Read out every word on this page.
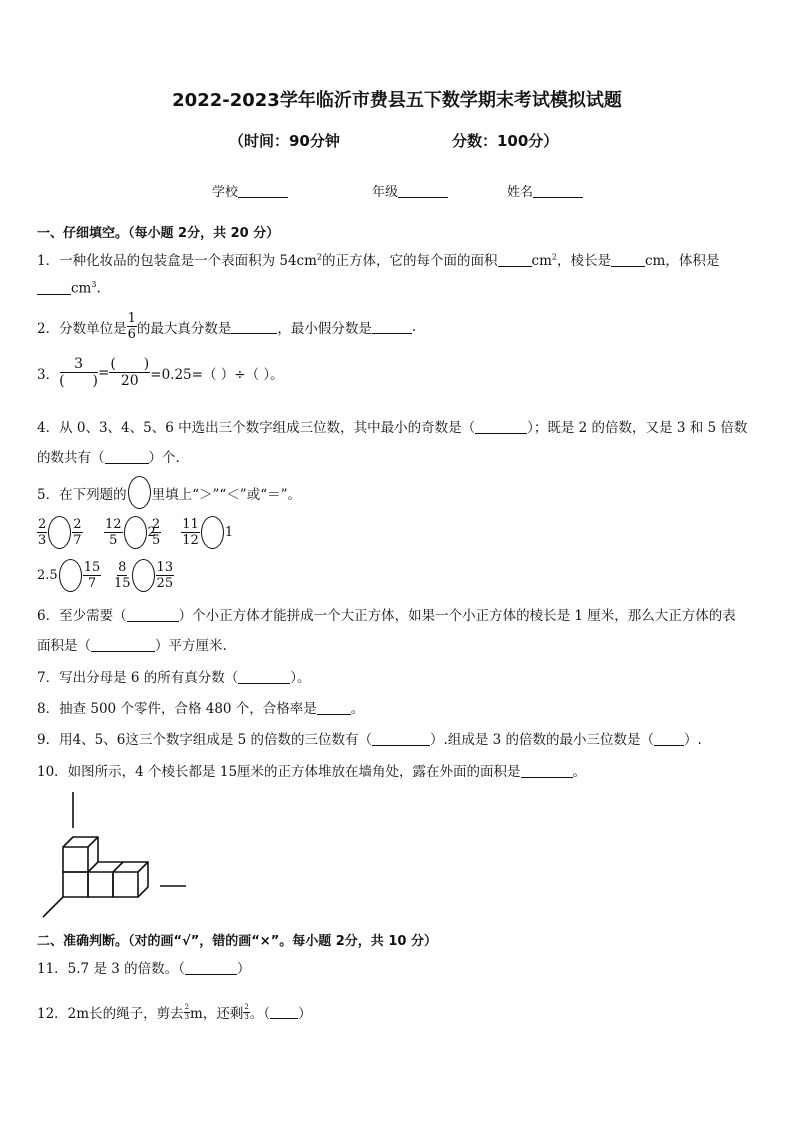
2022-2023学年临沂市费县五下数学期末考试模拟试题
（时间：90分钟	分数：100分）
学校	年级	姓名
一、仔细填空。（每小题 2分，共 20 分）
1．一种化妆品的包装盒是一个表面积为 $54cm^2$的正方体，它的每个面的面积	$cm^2$，棱长是	cm，体积是
$cm^3$.
2．分数单位是 $\frac{1}{6}$ 的最大真分数是	，最小假分数是	.
3． $\frac{3}{( )} = \frac{( )}{20} =0.25=$（ ）÷（ ）。
4．从 0、3、4、5、6 中选出三个数字组成三位数，其中最小的奇数是（	）；既是 2 的倍数，又是 3 和 5 倍数
的数共有（	）个.
5．在下列题的 里填上“＞”“＜”或“＝”。
$\frac{2}{3} \frac{2}{7} \frac{12}{5} 2$
$\frac{2}{5} \frac{11}{12} 1$
$2.5 \frac{15}{7} \frac{8}{15} \frac{13}{25}$
6．至少需要（	）个小正方体才能拼成一个大正方体，如果一个小正方体的棱长是 1 厘米，那么大正方体的表
面积是（	）平方厘米.
7．写出分母是 6 的所有真分数（	）。
8．抽查 500 个零件，合格 480 个，合格率是	。
9．用4、5、6这三个数字组成是 5 的倍数的三位数有（	）.组成是 3 的倍数的最小三位数是（ ）.
10．如图所示，4 个棱长都是 15厘米的正方体堆放在墙角处，露在外面的面积是	。
二、准确判断。（对的画“√”，错的画“×”。每小题 2分，共 10 分）
11．5.7 是 3 的倍数。（	）
12．2m长的绳子，剪去 $\frac{2}{3}$ m，还剩 $\frac{2}{3}$ 。（ ）
